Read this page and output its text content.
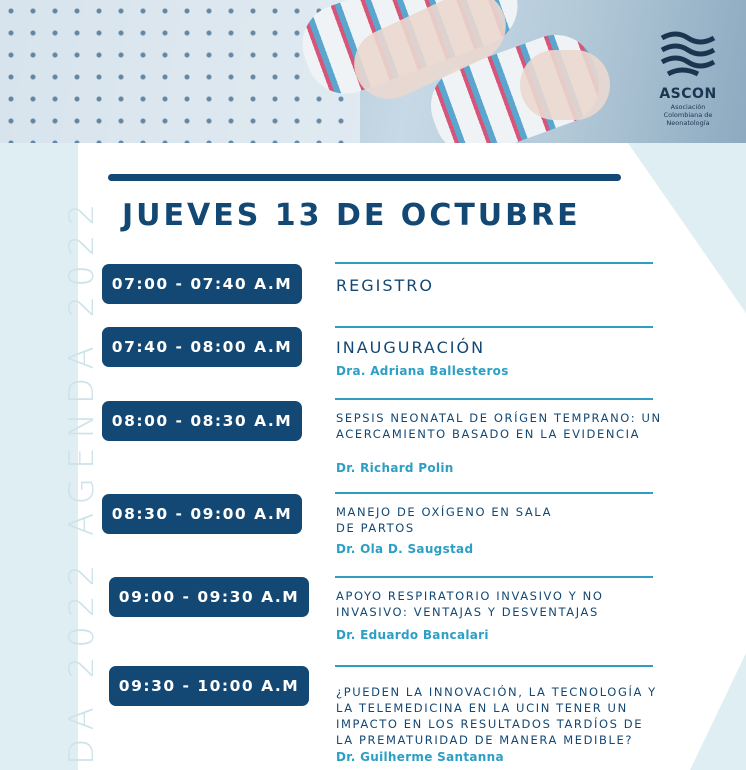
ASCON
Asociación Colombiana de Neonatología
DA 2022 AGENDA 2022 JUEVES 13 DE OCTUBRE
07:00 - 07:40 A.M	REGISTRO
07:40 - 08:00 A.M	INAUGURACIÓN
Dra. Adriana Ballesteros
08:00 - 08:30 A.M	SEPSIS NEONATAL DE ORÍGEN TEMPRANO: UN
ACERCAMIENTO BASADO EN LA EVIDENCIA
Dr. Richard Polin
08:30 - 09:00 A.M	MANEJO DE OXÍGENO EN SALA
DE PARTOS
Dr. Ola D. Saugstad
09:00 - 09:30 A.M	APOYO RESPIRATORIO INVASIVO Y NO
INVASIVO: VENTAJAS Y DESVENTAJAS
Dr. Eduardo Bancalari
09:30 - 10:00 A.M	¿PUEDEN LA INNOVACIÓN, LA TECNOLOGÍA Y
LA TELEMEDICINA EN LA UCIN TENER UN
IMPACTO EN LOS RESULTADOS TARDÍOS DE
LA PREMATURIDAD DE MANERA MEDIBLE?
Dr. Guilherme Santanna
